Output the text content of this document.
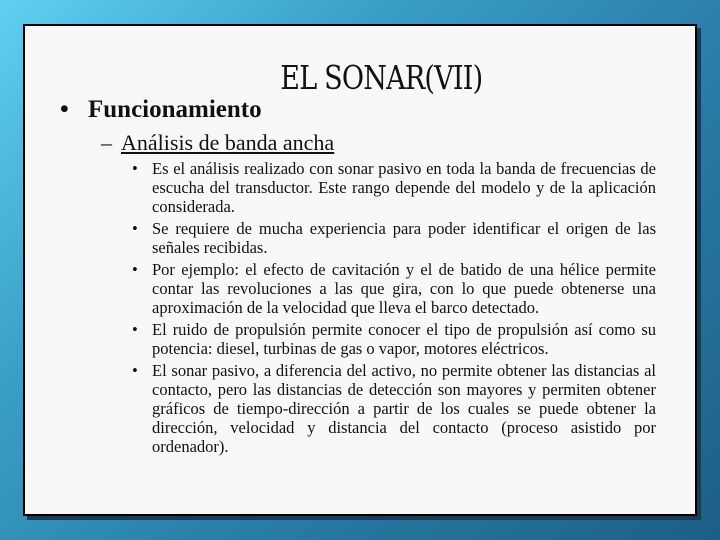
EL SONAR(VII)
• Funcionamiento
– Análisis de banda ancha
• Es el análisis realizado con sonar pasivo en toda la banda de frecuencias de escucha del transductor. Este rango depende del modelo y de la aplicación considerada.
• Se requiere de mucha experiencia para poder identificar el origen de las señales recibidas.
• Por ejemplo: el efecto de cavitación y el de batido de una hélice permite contar las revoluciones a las que gira, con lo que puede obtenerse una aproximación de la velocidad que lleva el barco detectado.
• El ruido de propulsión permite conocer el tipo de propulsión así como su potencia: diesel, turbinas de gas o vapor, motores eléctricos.
• El sonar pasivo, a diferencia del activo, no permite obtener las distancias al contacto, pero las distancias de detección son mayores y permiten obtener gráficos de tiempo-dirección a partir de los cuales se puede obtener la dirección, velocidad y distancia del contacto (proceso asistido por ordenador).
